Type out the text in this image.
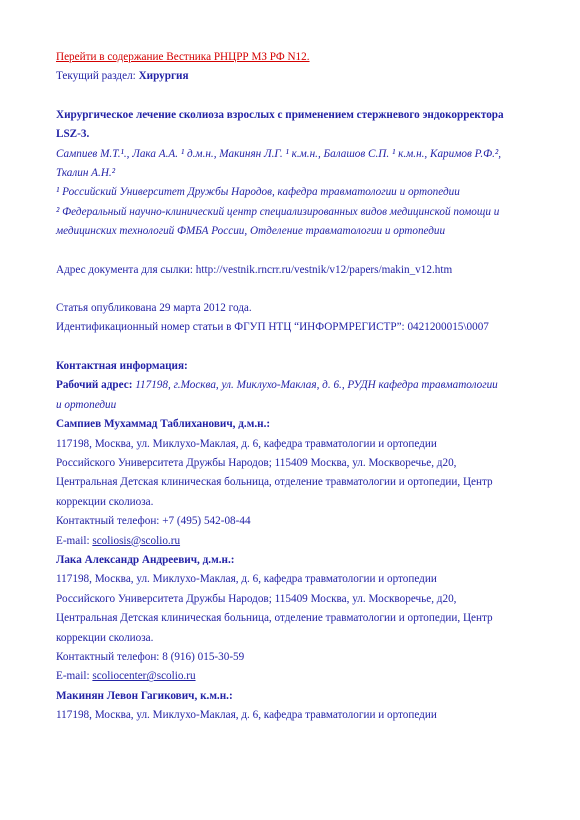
Перейти в содержание Вестника РНЦРР МЗ РФ N12.
Текущий раздел: Хирургия
Хирургическое лечение сколиоза взрослых с применением стержневого эндокорректора
LSZ-3.
Сампиев М.Т.¹., Лака А.А. ¹ д.м.н., Макинян Л.Г. ¹ к.м.н., Балашов С.П. ¹ к.м.н., Каримов Р.Ф.²,
Ткалин А.Н.²
¹ Российский Университет Дружбы Народов, кафедра травматологии и ортопедии
² Федеральный научно-клинический центр специализированных видов медицинской помощи и
медицинских технологий ФМБА России, Отделение травматологии и ортопедии
Адрес документа для сылки: http://vestnik.rncrr.ru/vestnik/v12/papers/makin_v12.htm
Статья опубликована 29 марта 2012 года.
Идентификационный номер статьи в ФГУП НТЦ “ИНФОРМРЕГИСТР”: 0421200015\0007
Контактная информация:
Рабочий адрес: 117198, г.Москва, ул. Миклухо-Маклая, д. 6., РУДН кафедра травматологии
и ортопедии
Сампиев Мухаммад Таблиханович, д.м.н.:
117198, Москва, ул. Миклухо-Маклая, д. 6, кафедра травматологии и ортопедии
Российского Университета Дружбы Народов; 115409 Москва, ул. Москворечье, д20,
Центральная Детская клиническая больница, отделение травматологии и ортопедии, Центр
коррекции сколиоза.
Контактный телефон: +7 (495) 542-08-44
E-mail: scoliosis@scolio.ru
Лака Александр Андреевич, д.м.н.:
117198, Москва, ул. Миклухо-Маклая, д. 6, кафедра травматологии и ортопедии
Российского Университета Дружбы Народов; 115409 Москва, ул. Москворечье, д20,
Центральная Детская клиническая больница, отделение травматологии и ортопедии, Центр
коррекции сколиоза.
Контактный телефон: 8 (916) 015-30-59
E-mail: scoliocenter@scolio.ru
Макинян Левон Гагикович, к.м.н.:
117198, Москва, ул. Миклухо-Маклая, д. 6, кафедра травматологии и ортопедии
